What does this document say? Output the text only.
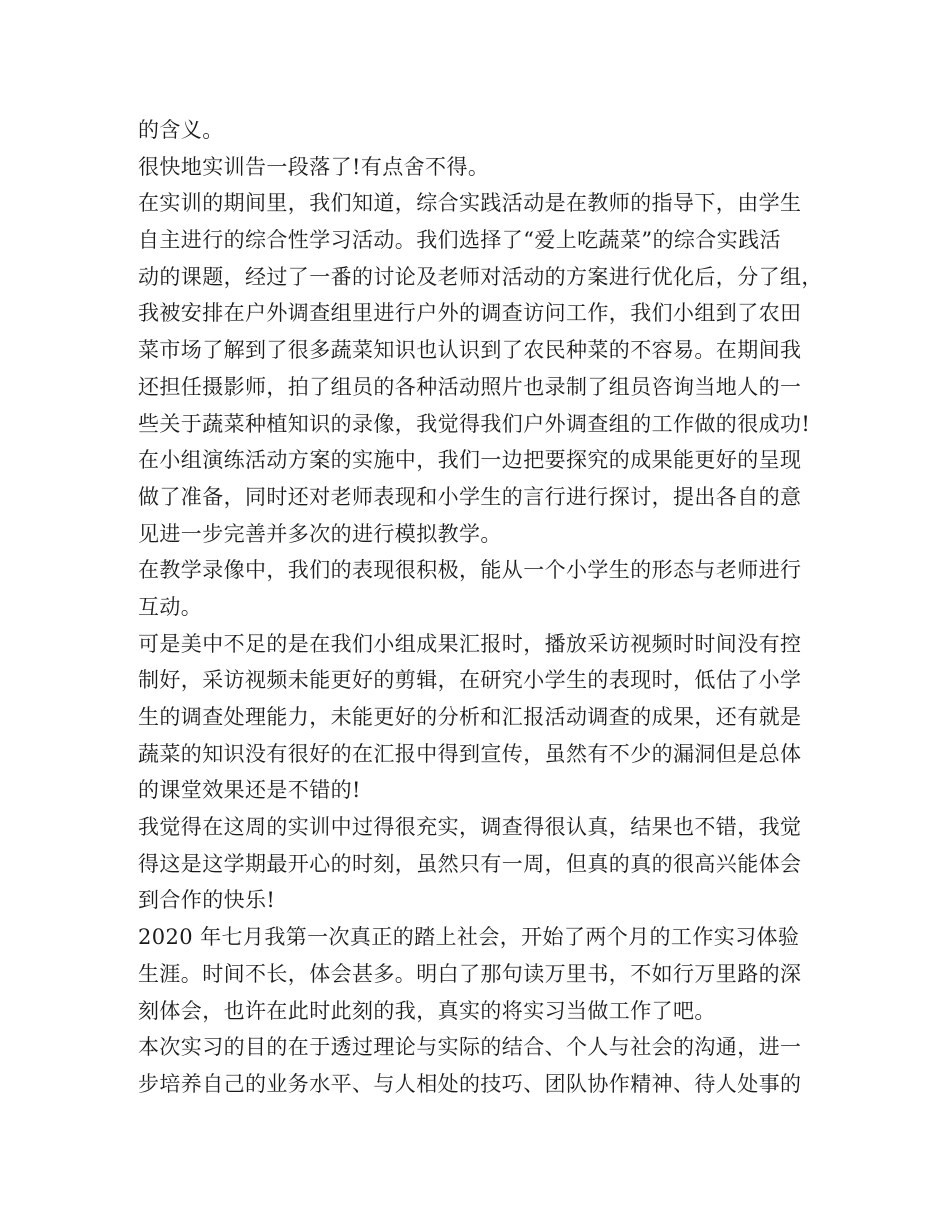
的含义。
很快地实训告一段落了!有点舍不得。
在实训的期间里，我们知道，综合实践活动是在教师的指导下，由学生
自主进行的综合性学习活动。我们选择了“爱上吃蔬菜”的综合实践活
动的课题，经过了一番的讨论及老师对活动的方案进行优化后，分了组，
我被安排在户外调查组里进行户外的调查访问工作，我们小组到了农田
菜市场了解到了很多蔬菜知识也认识到了农民种菜的不容易。在期间我
还担任摄影师，拍了组员的各种活动照片也录制了组员咨询当地人的一
些关于蔬菜种植知识的录像，我觉得我们户外调查组的工作做的很成功!
在小组演练活动方案的实施中，我们一边把要探究的成果能更好的呈现
做了准备，同时还对老师表现和小学生的言行进行探讨，提出各自的意
见进一步完善并多次的进行模拟教学。
在教学录像中，我们的表现很积极，能从一个小学生的形态与老师进行
互动。
可是美中不足的是在我们小组成果汇报时，播放采访视频时时间没有控
制好，采访视频未能更好的剪辑，在研究小学生的表现时，低估了小学
生的调查处理能力，未能更好的分析和汇报活动调查的成果，还有就是
蔬菜的知识没有很好的在汇报中得到宣传，虽然有不少的漏洞但是总体
的课堂效果还是不错的!
我觉得在这周的实训中过得很充实，调查得很认真，结果也不错，我觉
得这是这学期最开心的时刻，虽然只有一周，但真的真的很高兴能体会
到合作的快乐!
2020 年七月我第一次真正的踏上社会，开始了两个月的工作实习体验
生涯。时间不长，体会甚多。明白了那句读万里书，不如行万里路的深
刻体会，也许在此时此刻的我，真实的将实习当做工作了吧。
本次实习的目的在于透过理论与实际的结合、个人与社会的沟通，进一
步培养自己的业务水平、与人相处的技巧、团队协作精神、待人处事的
